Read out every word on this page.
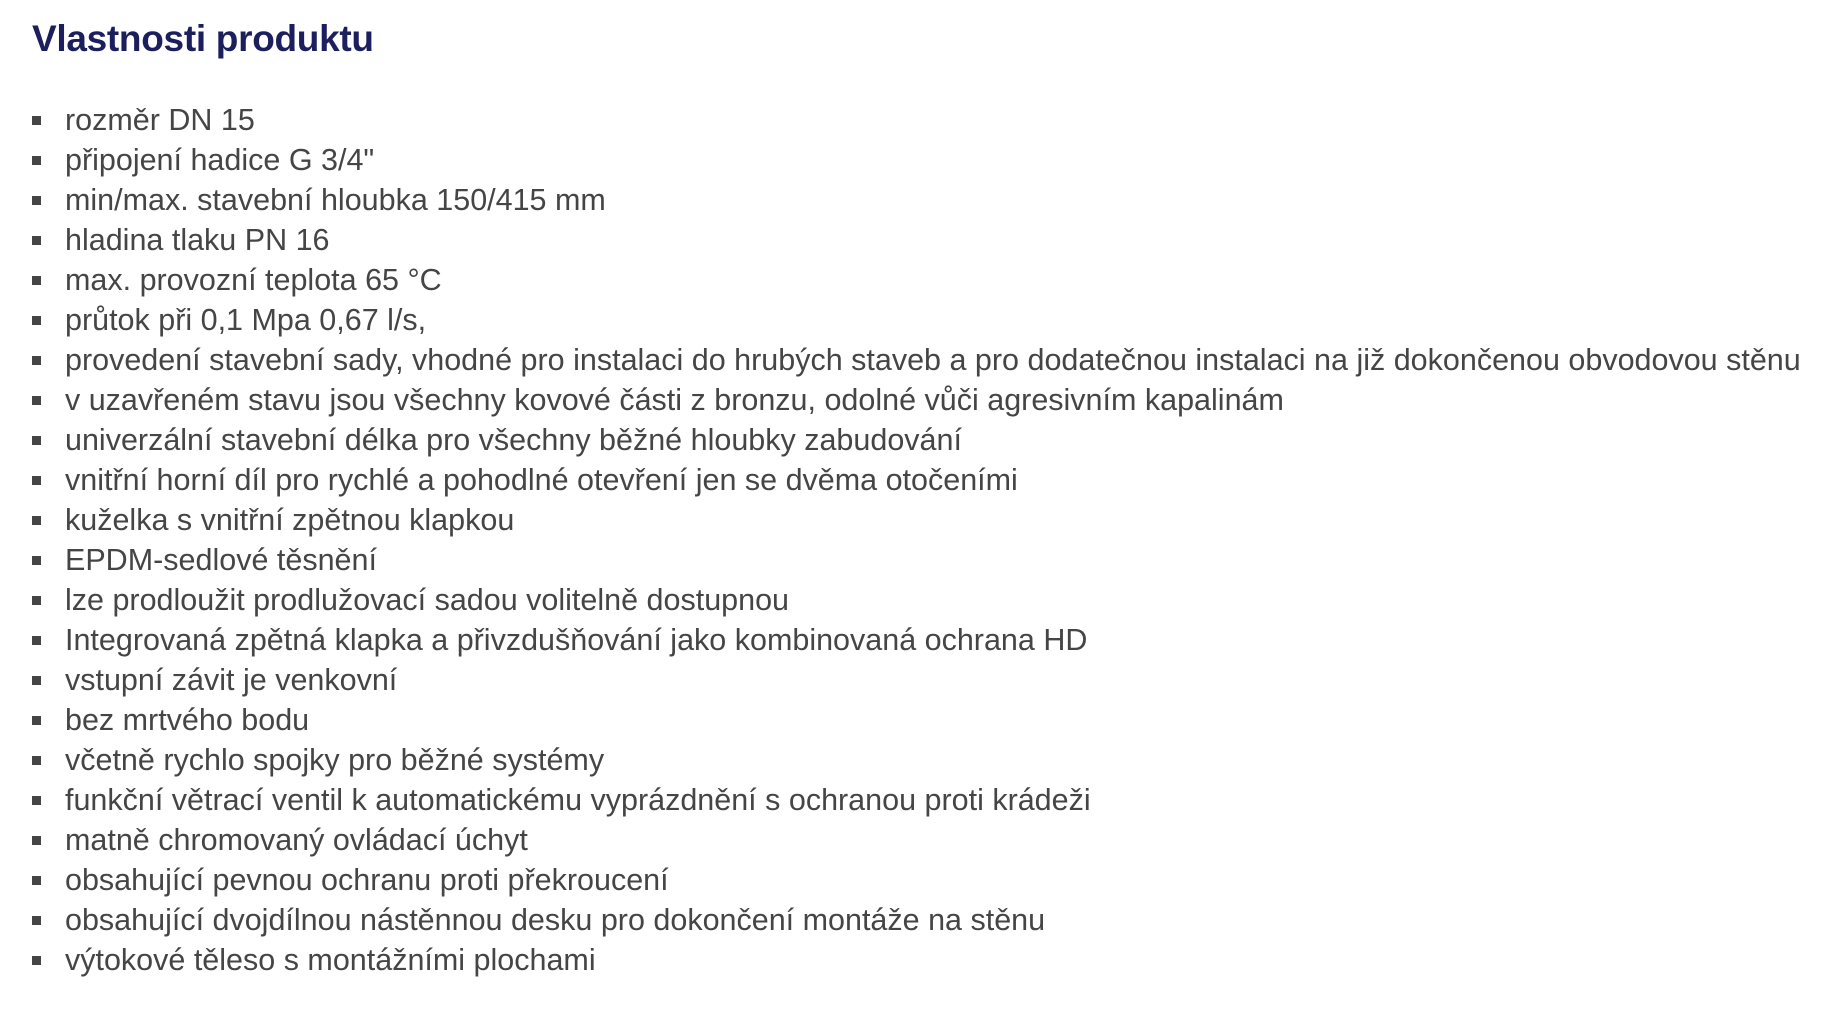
Vlastnosti produktu
rozměr DN 15
připojení hadice G 3/4"
min/max. stavební hloubka 150/415 mm
hladina tlaku PN 16
max. provozní teplota 65 °C
průtok při 0,1 Mpa 0,67 l/s,
provedení stavební sady, vhodné pro instalaci do hrubých staveb a pro dodatečnou instalaci na již dokončenou obvodovou stěnu
v uzavřeném stavu jsou všechny kovové části z bronzu, odolné vůči agresivním kapalinám
univerzální stavební délka pro všechny běžné hloubky zabudování
vnitřní horní díl pro rychlé a pohodlné otevření jen se dvěma otočeními
kuželka s vnitřní zpětnou klapkou
EPDM-sedlové těsnění
lze prodloužit prodlužovací sadou volitelně dostupnou
Integrovaná zpětná klapka a přivzdušňování jako kombinovaná ochrana HD
vstupní závit je venkovní
bez mrtvého bodu
včetně rychlo spojky pro běžné systémy
funkční větrací ventil k automatickému vyprázdnění s ochranou proti krádeži
matně chromovaný ovládací úchyt
obsahující pevnou ochranu proti překroucení
obsahující dvojdílnou nástěnnou desku pro dokončení montáže na stěnu
výtokové těleso s montážními plochami
